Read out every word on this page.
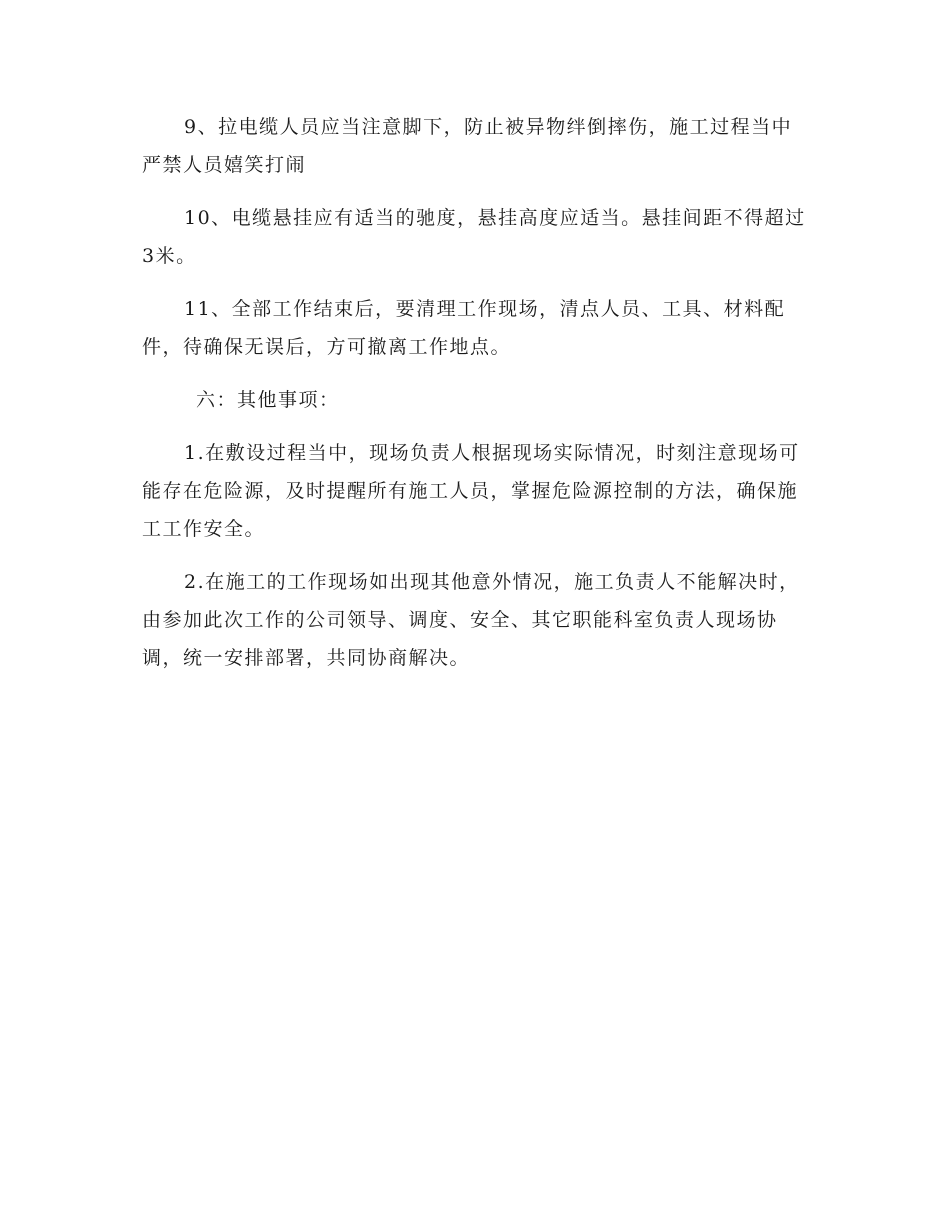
9、拉电缆人员应当注意脚下，防止被异物绊倒摔伤，施工过程当中严禁人员嬉笑打闹

10、电缆悬挂应有适当的驰度，悬挂高度应适当。悬挂间距不得超过3米。

11、全部工作结束后，要清理工作现场，清点人员、工具、材料配件，待确保无误后，方可撤离工作地点。

六：其他事项：

1.在敷设过程当中，现场负责人根据现场实际情况，时刻注意现场可能存在危险源，及时提醒所有施工人员，掌握危险源控制的方法，确保施工工作安全。

2.在施工的工作现场如出现其他意外情况，施工负责人不能解决时，由参加此次工作的公司领导、调度、安全、其它职能科室负责人现场协调，统一安排部署，共同协商解决。
